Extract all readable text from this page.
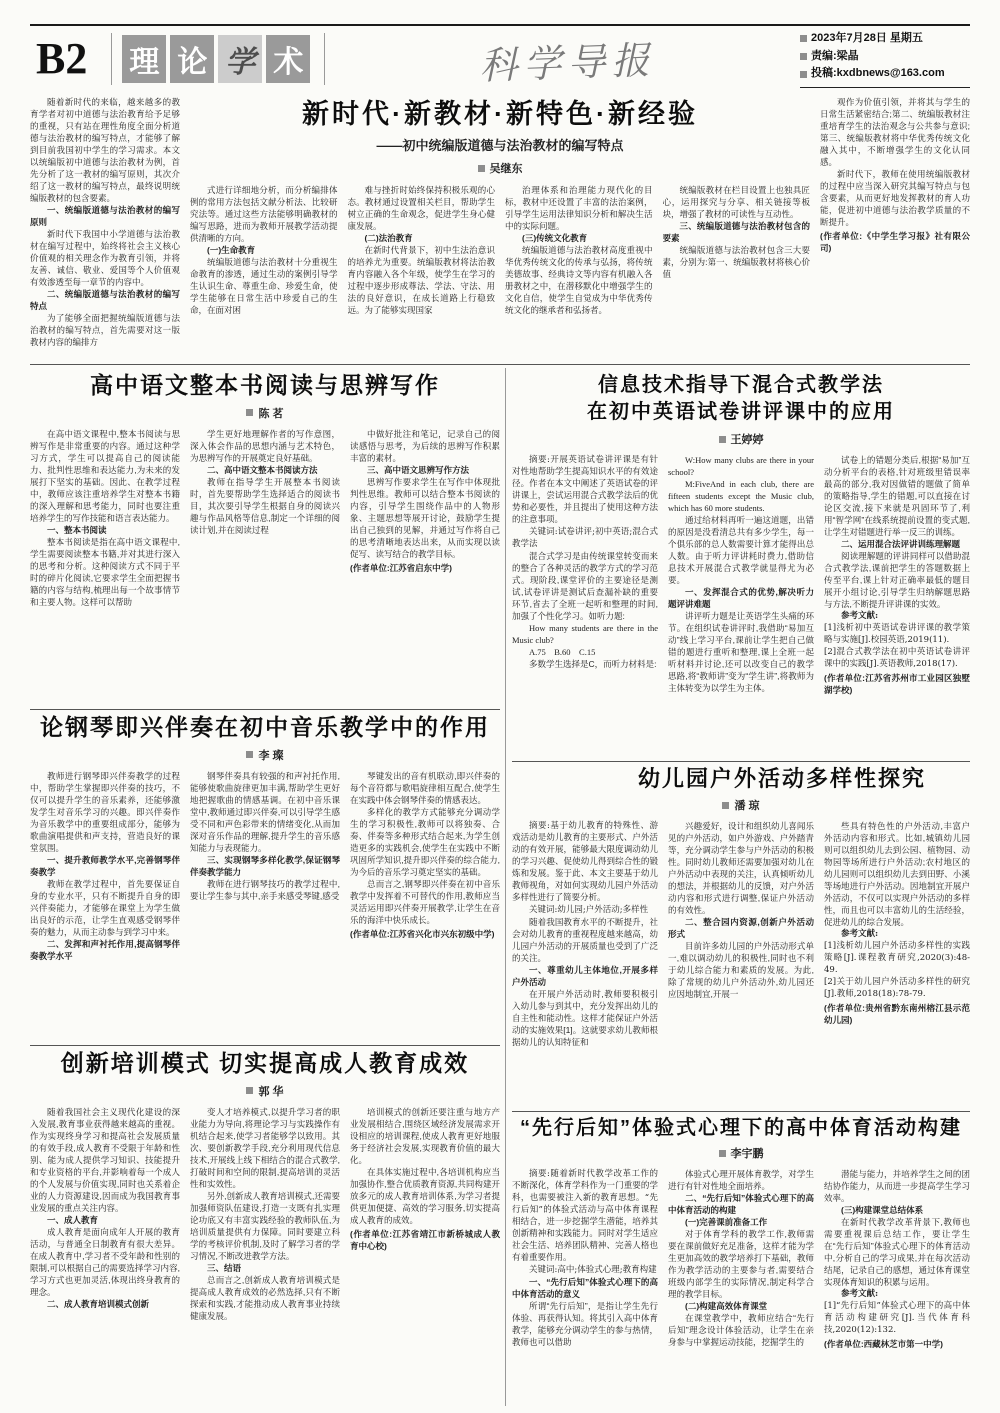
B2	理 论 学 术	科学导报	2023年7月28日 星期五
责编:梁晶
投稿:kxdbnews@163.com

随着新时代的来临，越来越多的教育学者对初中道德与法治教育给予足够的重视，只有站在理性角度全面分析道德与法治教材的编写特点，才能够了解到目前我国初中学生的学习需求。本文以统编版初中道德与法治教材为例，首先分析了这一教材的编写原则，其次介绍了这一教材的编写特点，最终说明统编版教材的包含要素。

一、统编版道德与法治教材的编写原则

新时代下我国中小学道德与法治教材在编写过程中，始终将社会主义核心价值观的相关理念作为教育引领，并将友善、诚信、敬业、爱国等个人价值观有效渗透至每一章节的内容中。

二、统编版道德与法治教材的编写特点

为了能够全面把握统编版道德与法治教材的编写特点，首先需要对这一版教材内容的编排方

新时代·新教材·新特色·新经验
——初中统编版道德与法治教材的编写特点
吴继东

式进行详细地分析，而分析编排体例的常用方法包括文献分析法、比较研究法等。通过这些方法能够明确教材的编写思路，进而为教师开展教学活动提供清晰的方向。

(一)生命教育

统编版道德与法治教材十分重视生命教育的渗透，通过生动的案例引导学生认识生命、尊重生命、珍爱生命，使学生能够在日常生活中珍爱自己的生命，在面对困

难与挫折时始终保持积极乐观的心态。教材通过设置相关栏目，帮助学生树立正确的生命观念，促进学生身心健康发展。

(二)法治教育

在新时代背景下，初中生法治意识的培养尤为重要。统编版教材将法治教育内容融入各个年级，使学生在学习的过程中逐步形成尊法、学法、守法、用法的良好意识，在成长道路上行稳致远。为了能够实现国家

治理体系和治理能力现代化的目标，教材中还设置了丰富的法治案例，引导学生运用法律知识分析和解决生活中的实际问题。

(三)传统文化教育

统编版道德与法治教材高度重视中华优秀传统文化的传承与弘扬，将传统美德故事、经典诗文等内容有机融入各册教材之中，在潜移默化中增强学生的文化自信，使学生自觉成为中华优秀传统文化的继承者和弘扬者。

统编版教材在栏目设置上也独具匠心，运用探究与分享、相关链接等板块，增强了教材的可读性与互动性。

三、统编版道德与法治教材包含的要素

统编版道德与法治教材包含三大要素，分别为:第一、统编版教材将核心价值

观作为价值引领，并将其与学生的日常生活紧密结合;第二、统编版教材注重培育学生的法治观念与公共参与意识;第三、统编版教材将中华优秀传统文化融入其中，不断增强学生的文化认同感。

新时代下，教师在使用统编版教材的过程中应当深入研究其编写特点与包含要素，从而更好地发挥教材的育人功能，促进初中道德与法治教学质量的不断提升。

(作者单位:《中学生学习报》社有限公司)

高中语文整本书阅读与思辨写作
陈 茗

在高中语文课程中,整本书阅读与思辨写作是非常重要的内容。通过这种学习方式，学生可以提高自己的阅读能力、批判性思维和表达能力,为未来的发展打下坚实的基础。因此、在教学过程中，教师应该注重培养学生对整本书籍的深入理解和思考能力，同时也要注重培养学生的写作技能和语言表达能力。

一、整本书阅读

整本书阅读是指在高中语文课程中,学生需要阅读整本书籍,并对其进行深入的思考和分析。这种阅读方式不同于平时的碎片化阅读,它要求学生全面把握书籍的内容与结构,梳理出每一个故事情节和主要人物。这样可以帮助

学生更好地理解作者的写作意图，深入体会作品的思想内涵与艺术特色，为思辨写作的开展奠定良好基础。

二、高中语文整本书阅读方法

教师在指导学生开展整本书阅读时，首先要帮助学生选择适合的阅读书目，其次要引导学生根据自身的阅读兴趣与作品风格等信息,制定一个详细的阅读计划,并在阅读过程

中做好批注和笔记，记录自己的阅读感悟与思考，为后续的思辨写作积累丰富的素材。

三、高中语文思辨写作方法

思辨写作要求学生在写作中体现批判性思维。教师可以结合整本书阅读的内容，引导学生围绕作品中的人物形象、主题思想等展开讨论，鼓励学生提出自己独到的见解，并通过写作将自己的思考清晰地表达出来，从而实现以读促写、读写结合的教学目标。

(作者单位:江苏省启东中学)

信息技术指导下混合式教学法
在初中英语试卷讲评课中的应用
王婷婷

摘要:开展英语试卷讲评课是有针对性地帮助学生提高知识水平的有效途径。作者在本文中阐述了英语试卷的评讲课上，尝试运用混合式教学法后的优势和必要性，并且提出了使用这种方法的注意事项。

关键词:试卷讲评;初中英语;混合式教学法

混合式学习是由传统课堂转变而来的整合了各种灵活的教学方式的学习范式。现阶段,课堂评价的主要途径是测试,试卷评讲是测试后查漏补缺的重要环节,省去了全班一起听和整理的时间,加强了个性化学习。如听力题:

How many students are there in the Music club?

A.75　B.60　C.15

多数学生选择是C，而听力材料是:

W:How many clubs are there in your school?

M:FiveAnd in each club, there are fifteen students except the Music club, which has 60 more students.

通过给材料再听一遍这道题，出错的原因是没看清总共有多少学生，每一个俱乐部的总人数需要计算才能得出总人数。由于听力评讲耗时费力,借助信息技术开展混合式教学就显得尤为必要。

一、发挥混合式的优势,解决听力题评讲难题

讲评听力题是让英语学生头痛的环节。在组织试卷讲评时,我借助“易加互动”线上学习平台,课前让学生把自己做错的题进行重听和整理,课上全班一起听材料并讨论,还可以改变自己的教学思路,将“教师讲”变为“学生讲”,将教师为主体转变为以学生为主体。

试卷上的错题分类后,根据“易加”互动分析平台的表格,针对班级里错误率最高的部分,我对因做错的题做了简单的策略指导,学生的错题,可以直接在讨论区交流,接下来就是巩固环节了,利用“智学网”在线系统提前设置的变式题,让学生对错题进行举一反三的训练。

二、运用混合法评讲训练理解题

阅读理解题的评讲同样可以借助混合式教学法,课前把学生的答题数据上传至平台,课上针对正确率最低的题目展开小组讨论,引导学生归纳解题思路与方法,不断提升评讲课的实效。

参考文献:

[1]浅析初中英语试卷讲评课的教学策略与实施[J].校园英语,2019(11).

[2]混合式教学法在初中英语试卷讲评课中的实践[J].英语教师,2018(17).

(作者单位:江苏省苏州市工业园区独墅湖学校)

论钢琴即兴伴奏在初中音乐教学中的作用
李 璨

教师进行钢琴即兴伴奏教学的过程中，帮助学生掌握即兴伴奏的技巧，不仅可以提升学生的音乐素养，还能够激发学生对音乐学习的兴趣。即兴伴奏作为音乐教学中的重要组成部分，能够为歌曲演唱提供和声支持，营造良好的课堂氛围。

一、提升教师教学水平,完善钢琴伴奏教学

教师在教学过程中，首先要保证自身的专业水平，只有不断提升自身的即兴伴奏能力，才能够在课堂上为学生做出良好的示范，让学生直观感受钢琴伴奏的魅力，从而主动参与到学习中来。

二、发挥和声衬托作用,提高钢琴伴奏教学水平

钢琴伴奏具有较强的和声衬托作用,能够使歌曲旋律更加丰满,帮助学生更好地把握歌曲的情感基调。在初中音乐课堂中,教师通过即兴伴奏,可以引导学生感受不同和声色彩带来的情绪变化,从而加深对音乐作品的理解,提升学生的音乐感知能力与表现能力。

三、实现钢琴多样化教学,保证钢琴伴奏教学能力

教师在进行钢琴技巧的教学过程中,要让学生参与其中,亲手来感受琴键,感受

琴键发出的音有机联动,即兴伴奏的每个音符都与歌唱旋律相互配合,使学生在实践中体会钢琴伴奏的情感表达。

多样化的教学方式能够充分调动学生的学习积极性,教师可以将独奏、合奏、伴奏等多种形式结合起来,为学生创造更多的实践机会,使学生在实践中不断巩固所学知识,提升即兴伴奏的综合能力,为今后的音乐学习奠定坚实的基础。

总而言之,钢琴即兴伴奏在初中音乐教学中发挥着不可替代的作用,教师应当灵活运用即兴伴奏开展教学,让学生在音乐的海洋中快乐成长。

(作者单位:江苏省兴化市兴东初级中学)

幼儿园户外活动多样性探究
潘 琼

摘要:基于幼儿教育的特殊性、游戏活动是幼儿教育的主要形式、户外活动的有效开展，能够最大限度调动幼儿的学习兴趣、促使幼儿得到综合性的锻炼和发展。鉴于此、本文主要基于幼儿教师视角，对如何实现幼儿园户外活动多样性进行了简要分析。

关键词:幼儿园;户外活动;多样性

随着我国教育水平的不断提升，社会对幼儿教育的重视程度越来越高，幼儿园户外活动的开展质量也受到了广泛的关注。

一、尊重幼儿主体地位,开展多样户外活动

在开展户外活动时,教师要积极引入幼儿参与到其中，充分发挥出幼儿的自主性和能动性。这样才能保证户外活动的实施效果[1]。这就要求幼儿教师根据幼儿的认知特征和

兴趣爱好，设计和组织幼儿喜闻乐见的户外活动，如户外游戏、户外踏青等，充分调动学生参与户外活动的积极性。同时幼儿教师还需要加强对幼儿在户外活动中表现的关注，认真倾听幼儿的想法，并根据幼儿的反馈，对户外活动内容和形式进行调整,保证户外活动的有效性。

二、整合园内资源,创新户外活动形式

目前许多幼儿园的户外活动形式单一,难以调动幼儿的积极性,同时也不利于幼儿综合能力和素质的发展。为此,除了常规的幼儿户外活动外,幼儿园还应因地制宜,开展一

些具有特色性的户外活动,丰富户外活动内容和形式。比如,城镇幼儿园则可以组织幼儿去到公园、植物园、动物园等场所进行户外活动;农村地区的幼儿园则可以组织幼儿去到田野、小溪等场地进行户外活动。因地制宜开展户外活动，不仅可以实现户外活动的多样性，而且也可以丰富幼儿的生活经验，促进幼儿的综合发展。

参考文献:

[1]浅析幼儿园户外活动多样性的实践策略[J].课程教育研究,2020(3):48-49.

[2]关于幼儿园户外活动多样性的研究[J].教师,2018(18):78-79.

(作者单位:贵州省黔东南州榕江县示范幼儿园)

创新培训模式 切实提高成人教育成效
郭 华

随着我国社会主义现代化建设的深入发展,教育事业获得越来越高的重视。作为实现终身学习和提高社会发展质量的有效手段,成人教育不受限于年龄和性别、能为成人提供学习知识、技能提升和专业资格的平台,并影响着每一个成人的个人发展与价值实现,同时也关系着企业的人力资源建设,因而成为我国教育事业发展的重点关注内容。

一、成人教育

成人教育是面向成年人开展的教育活动，与普通全日制教育有很大差异。在成人教育中,学习者不受年龄和性别的限制,可以根据自己的需要选择学习内容,学习方式也更加灵活,体现出终身教育的理念。

二、成人教育培训模式创新

变人才培养模式,以提升学习者的职业能力为导向,将理论学习与实践操作有机结合起来,使学习者能够学以致用。其次、要创新教学手段,充分利用现代信息技术,开展线上线下相结合的混合式教学,打破时间和空间的限制,提高培训的灵活性和实效性。

另外,创新成人教育培训模式,还需要加强师资队伍建设,打造一支既有扎实理论功底又有丰富实践经验的教师队伍,为培训质量提供有力保障。同时要建立科学的考核评价机制,及时了解学习者的学习情况,不断改进教学方法。

三、结语

总而言之,创新成人教育培训模式是提高成人教育成效的必然选择,只有不断探索和实践,才能推动成人教育事业持续健康发展。

培训模式的创新还要注重与地方产业发展相结合,围绕区域经济发展需求开设相应的培训课程,使成人教育更好地服务于经济社会发展,实现教育价值的最大化。

在具体实施过程中,各培训机构应当加强协作,整合优质教育资源,共同构建开放多元的成人教育培训体系,为学习者提供更加便捷、高效的学习服务,切实提高成人教育的成效。

(作者单位:江苏省靖江市新桥城成人教育中心校)

“先行后知”体验式心理下的高中体育活动构建
李宇鹏

摘要:随着新时代教学改革工作的不断深化，体育学科作为一门重要的学科，也需要被注入新的教育思想。“先行后知”的体验式活动与高中体育课程相结合，进一步挖掘学生潜能，培养其创新精神和实践能力。同时对学生适应社会生活、培养团队精神、完善人格也有着重要作用。

关键词:高中;体验式心理;教育构建

一、“先行后知”体验式心理下的高中体育活动的意义

所谓“先行后知”，是指让学生先行体验、再获得认知。将其引入高中体育教学，能够充分调动学生的参与热情，教师也可以借助

体验式心理开展体育教学，对学生进行有针对性地全面培养。

二、“先行后知”体验式心理下的高中体育活动的构建

(一)完善课前准备工作

对于体育学科的教学工作,教师需要在课前做好充足准备，这样才能为学生更加高效的教学培养打下基础，教师作为教学活动的主要参与者,需要结合班级内部学生的实际情况,制定科学合理的教学目标。

(二)构建高效体育课堂

在课堂教学中，教师应结合“先行后知”理念设计体验活动，让学生在亲身参与中掌握运动技能，挖掘学生的

潜能与能力，并培养学生之间的团结协作能力，从而进一步提高学生学习效率。

(三)构建课堂总结体系

在新时代教学改革背景下,教师也需要重视课后总结工作，要让学生在“先行后知”体验式心理下的体育活动中,分析自己的学习成果,并在每次活动结尾，记录自己的感想，通过体育课堂实现体育知识的积累与运用。

参考文献:

[1]“先行后知”体验式心理下的高中体育活动构建研究[J].当代体育科技,2020(12):132.

(作者单位:西藏林芝市第一中学)
